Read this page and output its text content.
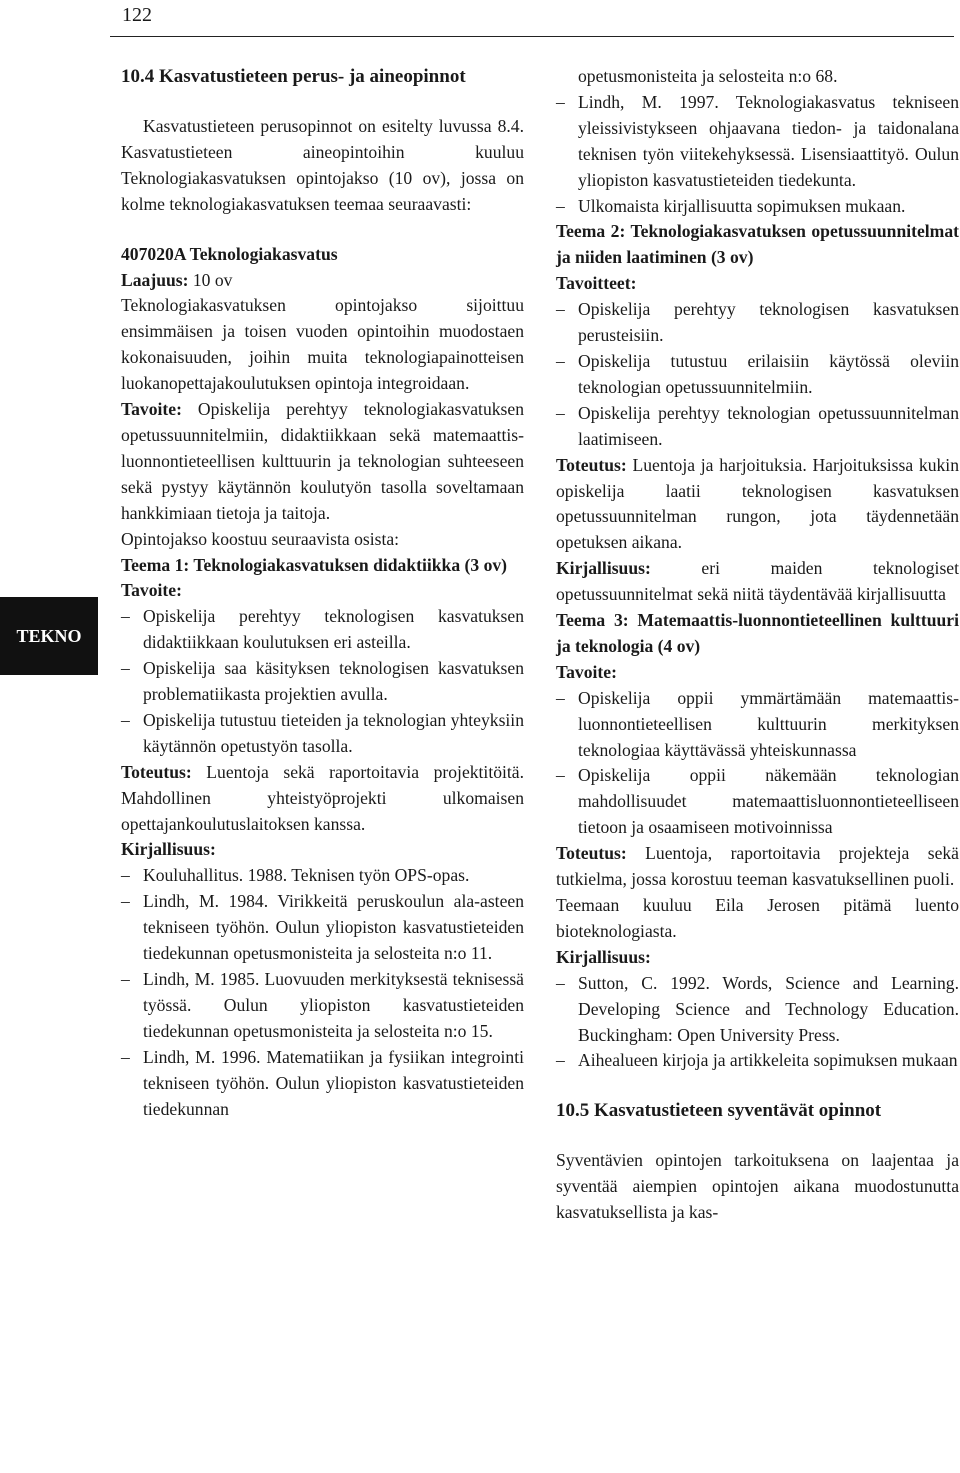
122
TEKNO

10.4 Kasvatustieteen perus- ja aineopinnot

Kasvatustieteen perusopinnot on esitelty luvussa 8.4. Kasvatustieteen aineopintoihin kuuluu Teknologiakasvatuksen opintojakso (10 ov), jossa on kolme teknologiakasvatuksen teemaa seuraavasti:

407020A Teknologiakasvatus

Laajuus: 10 ov

Teknologiakasvatuksen opintojakso sijoittuu ensimmäisen ja toisen vuoden opintoihin muodostaen kokonaisuuden, joihin muita teknologiapainotteisen luokanopettajakoulutuksen opintoja integroidaan.

Tavoite: Opiskelija perehtyy teknologiakasvatuksen opetussuunnitelmiin, didaktiikkaan sekä matemaattis-luonnontieteellisen kulttuurin ja teknologian suhteeseen sekä pystyy käytännön koulutyön tasolla soveltamaan hankkimiaan tietoja ja taitoja.

Opintojakso koostuu seuraavista osista:

Teema 1: Teknologiakasvatuksen didaktiikka (3 ov)

Tavoite:

– Opiskelija perehtyy teknologisen kasvatuksen didaktiikkaan koulutuksen eri asteilla.

– Opiskelija saa käsityksen teknologisen kasvatuksen problematiikasta projektien avulla.

– Opiskelija tutustuu tieteiden ja teknologian yhteyksiin käytännön opetustyön tasolla.

Toteutus: Luentoja sekä raportoitavia projektitöitä. Mahdollinen yhteistyöprojekti ulkomaisen opettajankoulutuslaitoksen kanssa.

Kirjallisuus:

– Kouluhallitus. 1988. Teknisen työn OPS-opas.

– Lindh, M. 1984. Virikkeitä peruskoulun ala-asteen tekniseen työhön. Oulun yliopiston kasvatustieteiden tiedekunnan opetusmonisteita ja selosteita n:o 11.

– Lindh, M. 1985. Luovuuden merkityksestä teknisessä työssä. Oulun yliopiston kasvatustieteiden tiedekunnan opetusmonisteita ja selosteita n:o 15.

– Lindh, M. 1996. Matematiikan ja fysiikan integrointi tekniseen työhön. Oulun yliopiston kasvatustieteiden tiedekunnan

opetusmonisteita ja selosteita n:o 68.

– Lindh, M. 1997. Teknologiakasvatus tekniseen yleissivistykseen ohjaavana tiedon- ja taidonalana teknisen työn viitekehyksessä. Lisensiaattityö. Oulun yliopiston kasvatustieteiden tiedekunta.

– Ulkomaista kirjallisuutta sopimuksen mukaan.

Teema 2: Teknologiakasvatuksen opetussuunnitelmat ja niiden laatiminen (3 ov)

Tavoitteet:

– Opiskelija perehtyy teknologisen kasvatuksen perusteisiin.

– Opiskelija tutustuu erilaisiin käytössä oleviin teknologian opetussuunnitelmiin.

– Opiskelija perehtyy teknologian opetussuunnitelman laatimiseen.

Toteutus: Luentoja ja harjoituksia. Harjoituksissa kukin opiskelija laatii teknologisen kasvatuksen opetussuunnitelman rungon, jota täydennetään opetuksen aikana.

Kirjallisuus: eri maiden teknologiset opetussuunnitelmat sekä niitä täydentävää kirjallisuutta

Teema 3: Matemaattis-luonnontieteellinen kulttuuri ja teknologia (4 ov)

Tavoite:

– Opiskelija oppii ymmärtämään matemaattis-luonnontieteellisen kulttuurin merkityksen teknologiaa käyttävässä yhteiskunnassa

– Opiskelija oppii näkemään teknologian mahdollisuudet matemaattisluonnontieteelliseen tietoon ja osaamiseen motivoinnissa

Toteutus: Luentoja, raportoitavia projekteja sekä tutkielma, jossa korostuu teeman kasvatuksellinen puoli.

Teemaan kuuluu Eila Jerosen pitämä luento bioteknologiasta.

Kirjallisuus:

– Sutton, C. 1992. Words, Science and Learning. Developing Science and Technology Education. Buckingham: Open University Press.

– Aihealueen kirjoja ja artikkeleita sopimuksen mukaan

10.5 Kasvatustieteen syventävät opinnot

Syventävien opintojen tarkoituksena on laajentaa ja syventää aiempien opintojen aikana muodostunutta kasvatuksellista ja kas-
